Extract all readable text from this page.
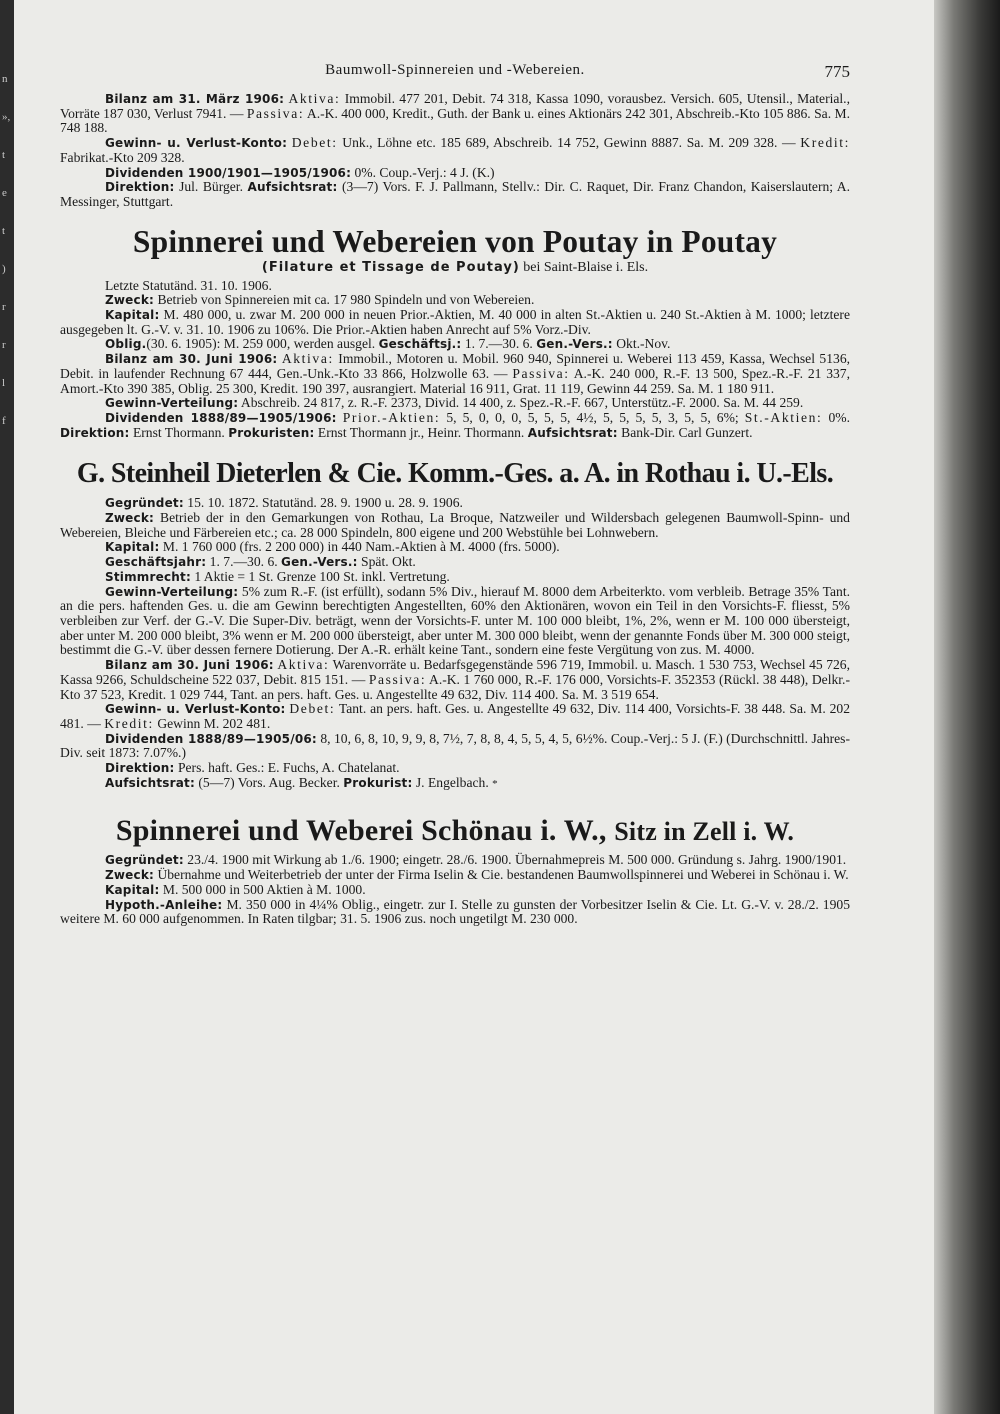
n
»,
t
e
t
)
r
r
l
f
Baumwoll-Spinnereien und -Webereien.	775

Bilanz am 31. März 1906: Aktiva: Immobil. 477 201, Debit. 74 318, Kassa 1090, vorausbez. Versich. 605, Utensil., Material., Vorräte 187 030, Verlust 7941. — Passiva: A.-K. 400 000, Kredit., Guth. der Bank u. eines Aktionärs 242 301, Abschreib.-Kto 105 886. Sa. M. 748 188.

Gewinn- u. Verlust-Konto: Debet: Unk., Löhne etc. 185 689, Abschreib. 14 752, Gewinn 8887. Sa. M. 209 328. — Kredit: Fabrikat.-Kto 209 328.

Dividenden 1900/1901—1905/1906: 0%. Coup.-Verj.: 4 J. (K.)

Direktion: Jul. Bürger. Aufsichtsrat: (3—7) Vors. F. J. Pallmann, Stellv.: Dir. C. Raquet, Dir. Franz Chandon, Kaiserslautern; A. Messinger, Stuttgart.

Spinnerei und Webereien von Poutay in Poutay

(Filature et Tissage de Poutay) bei Saint-Blaise i. Els.

Letzte Statutänd. 31. 10. 1906.

Zweck: Betrieb von Spinnereien mit ca. 17 980 Spindeln und von Webereien.

Kapital: M. 480 000, u. zwar M. 200 000 in neuen Prior.-Aktien, M. 40 000 in alten St.-Aktien u. 240 St.-Aktien à M. 1000; letztere ausgegeben lt. G.-V. v. 31. 10. 1906 zu 106%. Die Prior.-Aktien haben Anrecht auf 5% Vorz.-Div.

Oblig.(30. 6. 1905): M. 259 000, werden ausgel. Geschäftsj.: 1. 7.—30. 6. Gen.-Vers.: Okt.-Nov.

Bilanz am 30. Juni 1906: Aktiva: Immobil., Motoren u. Mobil. 960 940, Spinnerei u. Weberei 113 459, Kassa, Wechsel 5136, Debit. in laufender Rechnung 67 444, Gen.-Unk.-Kto 33 866, Holzwolle 63. — Passiva: A.-K. 240 000, R.-F. 13 500, Spez.-R.-F. 21 337, Amort.-Kto 390 385, Oblig. 25 300, Kredit. 190 397, ausrangiert. Material 16 911, Grat. 11 119, Gewinn 44 259. Sa. M. 1 180 911.

Gewinn-Verteilung: Abschreib. 24 817, z. R.-F. 2373, Divid. 14 400, z. Spez.-R.-F. 667, Unterstütz.-F. 2000. Sa. M. 44 259.

Dividenden 1888/89—1905/1906: Prior.-Aktien: 5, 5, 0, 0, 0, 5, 5, 5, 4½, 5, 5, 5, 5, 3, 5, 5, 6%; St.-Aktien: 0%. Direktion: Ernst Thormann. Prokuristen: Ernst Thormann jr., Heinr. Thormann. Aufsichtsrat: Bank-Dir. Carl Gunzert.

G. Steinheil Dieterlen & Cie. Komm.-Ges. a. A. in Rothau i. U.-Els.

Gegründet: 15. 10. 1872. Statutänd. 28. 9. 1900 u. 28. 9. 1906.

Zweck: Betrieb der in den Gemarkungen von Rothau, La Broque, Natzweiler und Wildersbach gelegenen Baumwoll-Spinn- und Webereien, Bleiche und Färbereien etc.; ca. 28 000 Spindeln, 800 eigene und 200 Webstühle bei Lohnwebern.

Kapital: M. 1 760 000 (frs. 2 200 000) in 440 Nam.-Aktien à M. 4000 (frs. 5000).

Geschäftsjahr: 1. 7.—30. 6. Gen.-Vers.: Spät. Okt.

Stimmrecht: 1 Aktie = 1 St. Grenze 100 St. inkl. Vertretung.

Gewinn-Verteilung: 5% zum R.-F. (ist erfüllt), sodann 5% Div., hierauf M. 8000 dem Arbeiterkto. vom verbleib. Betrage 35% Tant. an die pers. haftenden Ges. u. die am Gewinn berechtigten Angestellten, 60% den Aktionären, wovon ein Teil in den Vorsichts-F. fliesst, 5% verbleiben zur Verf. der G.-V. Die Super-Div. beträgt, wenn der Vorsichts-F. unter M. 100 000 bleibt, 1%, 2%, wenn er M. 100 000 übersteigt, aber unter M. 200 000 bleibt, 3% wenn er M. 200 000 übersteigt, aber unter M. 300 000 bleibt, wenn der genannte Fonds über M. 300 000 steigt, bestimmt die G.-V. über dessen fernere Dotierung. Der A.-R. erhält keine Tant., sondern eine feste Vergütung von zus. M. 4000.

Bilanz am 30. Juni 1906: Aktiva: Warenvorräte u. Bedarfsgegenstände 596 719, Immobil. u. Masch. 1 530 753, Wechsel 45 726, Kassa 9266, Schuldscheine 522 037, Debit. 815 151. — Passiva: A.-K. 1 760 000, R.-F. 176 000, Vorsichts-F. 352353 (Rückl. 38 448), Delkr.-Kto 37 523, Kredit. 1 029 744, Tant. an pers. haft. Ges. u. Angestellte 49 632, Div. 114 400. Sa. M. 3 519 654.

Gewinn- u. Verlust-Konto: Debet: Tant. an pers. haft. Ges. u. Angestellte 49 632, Div. 114 400, Vorsichts-F. 38 448. Sa. M. 202 481. — Kredit: Gewinn M. 202 481.

Dividenden 1888/89—1905/06: 8, 10, 6, 8, 10, 9, 9, 8, 7½, 7, 8, 8, 4, 5, 5, 4, 5, 6½%. Coup.-Verj.: 5 J. (F.) (Durchschnittl. Jahres-Div. seit 1873: 7.07%.)

Direktion: Pers. haft. Ges.: E. Fuchs, A. Chatelanat.

Aufsichtsrat: (5—7) Vors. Aug. Becker. Prokurist: J. Engelbach. *

Spinnerei und Weberei Schönau i. W., Sitz in Zell i. W.

Gegründet: 23./4. 1900 mit Wirkung ab 1./6. 1900; eingetr. 28./6. 1900. Übernahmepreis M. 500 000. Gründung s. Jahrg. 1900/1901.

Zweck: Übernahme und Weiterbetrieb der unter der Firma Iselin & Cie. bestandenen Baumwollspinnerei und Weberei in Schönau i. W.

Kapital: M. 500 000 in 500 Aktien à M. 1000.

Hypoth.-Anleihe: M. 350 000 in 4¼% Oblig., eingetr. zur I. Stelle zu gunsten der Vorbesitzer Iselin & Cie. Lt. G.-V. v. 28./2. 1905 weitere M. 60 000 aufgenommen. In Raten tilgbar; 31. 5. 1906 zus. noch ungetilgt M. 230 000.
